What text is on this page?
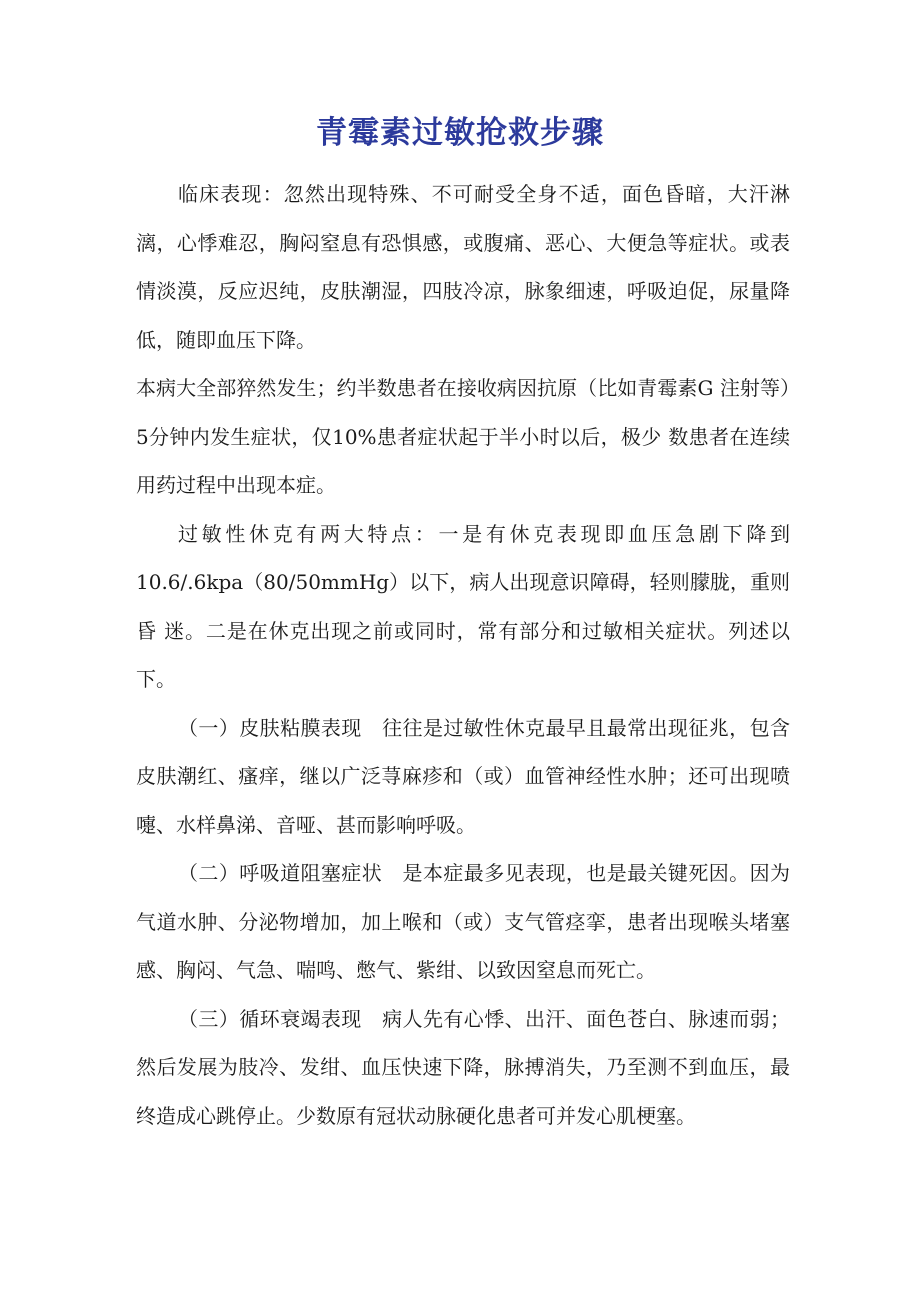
青霉素过敏抢救步骤

临床表现：忽然出现特殊、不可耐受全身不适，面色昏暗，大汗淋漓，心悸难忍，胸闷窒息有恐惧感，或腹痛、恶心、大便急等症状。或表情淡漠，反应迟纯，皮肤潮湿，四肢冷凉，脉象细速，呼吸迫促，尿量降低，随即血压下降。

本病大全部猝然发生；约半数患者在接收病因抗原（比如青霉素G 注射等）5分钟内发生症状，仅10%患者症状起于半小时以后，极少 数患者在连续用药过程中出现本症。

过敏性休克有两大特点：一是有休克表现即血压急剧下降到10.6/.6kpa（80/50mmHg）以下，病人出现意识障碍，轻则朦胧，重则昏 迷。二是在休克出现之前或同时，常有部分和过敏相关症状。列述以 下。

（一）皮肤粘膜表现　往往是过敏性休克最早且最常出现征兆，包含皮肤潮红、瘙痒，继以广泛荨麻疹和（或）血管神经性水肿；还可出现喷嚏、水样鼻涕、音哑、甚而影响呼吸。

（二）呼吸道阻塞症状　是本症最多见表现，也是最关键死因。因为气道水肿、分泌物增加，加上喉和（或）支气管痉挛，患者出现喉头堵塞感、胸闷、气急、喘鸣、憋气、紫绀、以致因窒息而死亡。

（三）循环衰竭表现　病人先有心悸、出汗、面色苍白、脉速而弱；然后发展为肢冷、发绀、血压快速下降，脉搏消失，乃至测不到血压，最终造成心跳停止。少数原有冠状动脉硬化患者可并发心肌梗塞。
